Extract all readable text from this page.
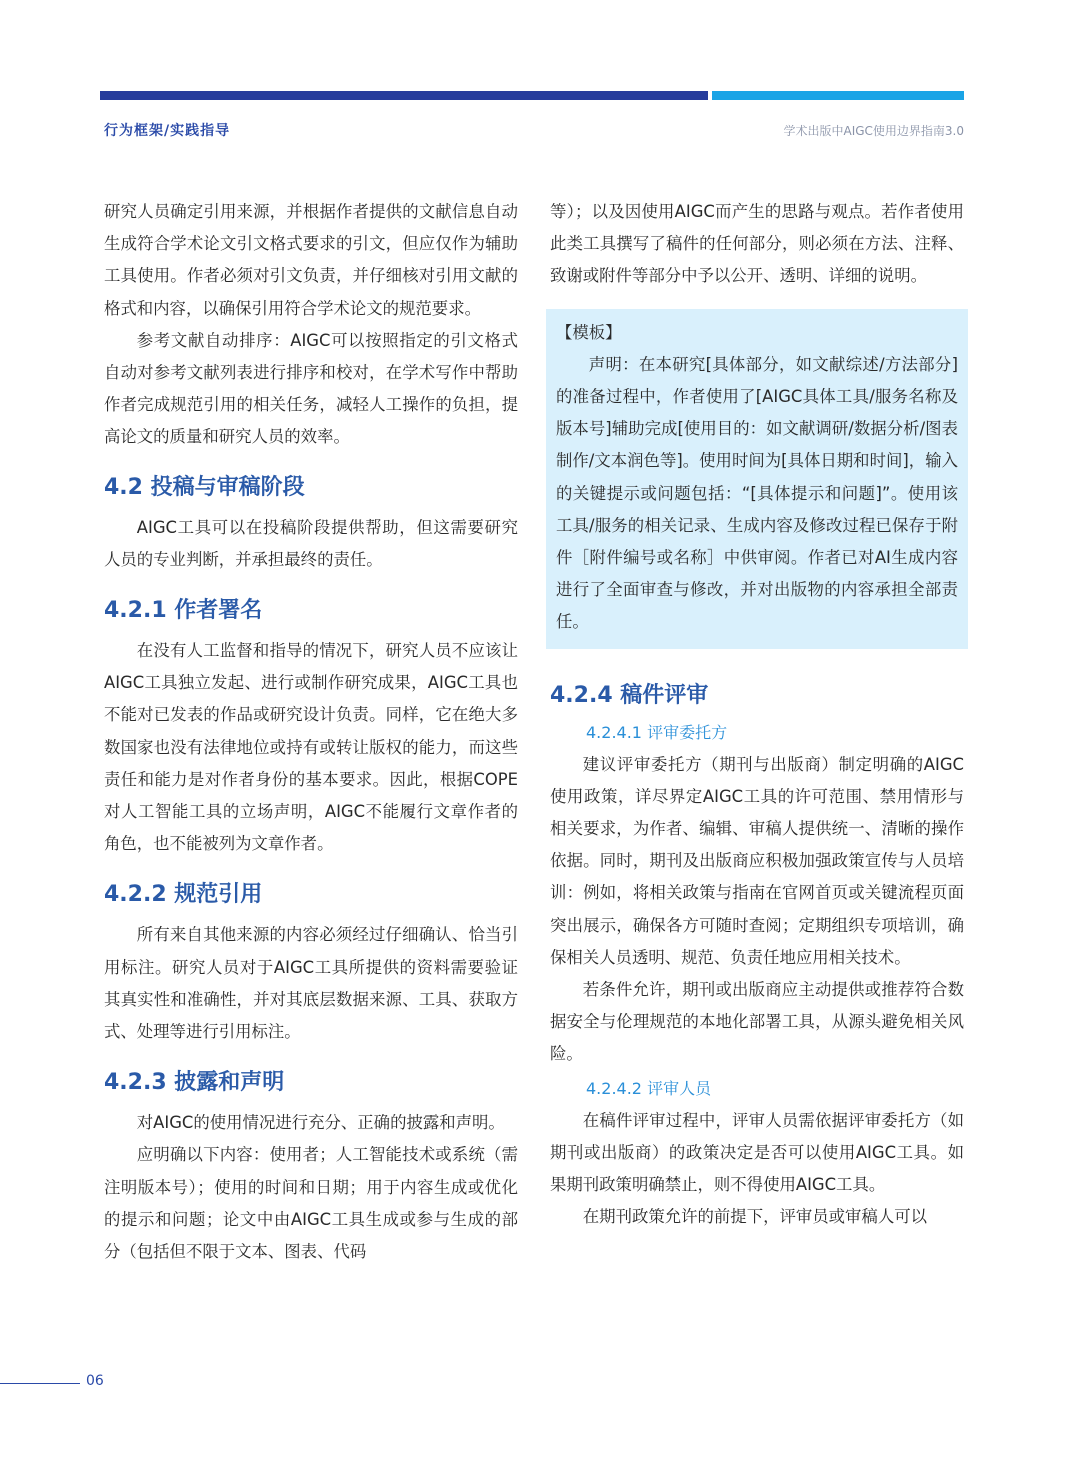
行为框架/实践指导	学术出版中AIGC使用边界指南3.0

研究人员确定引用来源，并根据作者提供的文献信息自动生成符合学术论文引文格式要求的引文，但应仅作为辅助工具使用。作者必须对引文负责，并仔细核对引用文献的格式和内容，以确保引用符合学术论文的规范要求。

参考文献自动排序：AIGC可以按照指定的引文格式自动对参考文献列表进行排序和校对，在学术写作中帮助作者完成规范引用的相关任务，减轻人工操作的负担，提高论文的质量和研究人员的效率。

4.2 投稿与审稿阶段

AIGC工具可以在投稿阶段提供帮助，但这需要研究人员的专业判断，并承担最终的责任。

4.2.1 作者署名

在没有人工监督和指导的情况下，研究人员不应该让AIGC工具独立发起、进行或制作研究成果，AIGC工具也不能对已发表的作品或研究设计负责。同样，它在绝大多数国家也没有法律地位或持有或转让版权的能力，而这些责任和能力是对作者身份的基本要求。因此，根据COPE对人工智能工具的立场声明，AIGC不能履行文章作者的角色，也不能被列为文章作者。

4.2.2 规范引用

所有来自其他来源的内容必须经过仔细确认、恰当引用标注。研究人员对于AIGC工具所提供的资料需要验证其真实性和准确性，并对其底层数据来源、工具、获取方式、处理等进行引用标注。

4.2.3 披露和声明

对AIGC的使用情况进行充分、正确的披露和声明。

应明确以下内容：使用者；人工智能技术或系统（需注明版本号）；使用的时间和日期；用于内容生成或优化的提示和问题；论文中由AIGC工具生成或参与生成的部分（包括但不限于文本、图表、代码

等）；以及因使用AIGC而产生的思路与观点。若作者使用此类工具撰写了稿件的任何部分，则必须在方法、注释、致谢或附件等部分中予以公开、透明、详细的说明。

【模板】

声明：在本研究[具体部分，如文献综述/方法部分]的准备过程中，作者使用了[AIGC具体工具/服务名称及版本号]辅助完成[使用目的：如文献调研/数据分析/图表制作/文本润色等]。使用时间为[具体日期和时间]，输入的关键提示或问题包括：“[具体提示和问题]”。使用该工具/服务的相关记录、生成内容及修改过程已保存于附件［附件编号或名称］中供审阅。作者已对AI生成内容进行了全面审查与修改，并对出版物的内容承担全部责任。

4.2.4 稿件评审
4.2.4.1 评审委托方

建议评审委托方（期刊与出版商）制定明确的AIGC使用政策，详尽界定AIGC工具的许可范围、禁用情形与相关要求，为作者、编辑、审稿人提供统一、清晰的操作依据。同时，期刊及出版商应积极加强政策宣传与人员培训：例如，将相关政策与指南在官网首页或关键流程页面突出展示，确保各方可随时查阅；定期组织专项培训，确保相关人员透明、规范、负责任地应用相关技术。

若条件允许，期刊或出版商应主动提供或推荐符合数据安全与伦理规范的本地化部署工具，从源头避免相关风险。

4.2.4.2 评审人员

在稿件评审过程中，评审人员需依据评审委托方（如期刊或出版商）的政策决定是否可以使用AIGC工具。如果期刊政策明确禁止，则不得使用AIGC工具。

在期刊政策允许的前提下，评审员或审稿人可以

06
